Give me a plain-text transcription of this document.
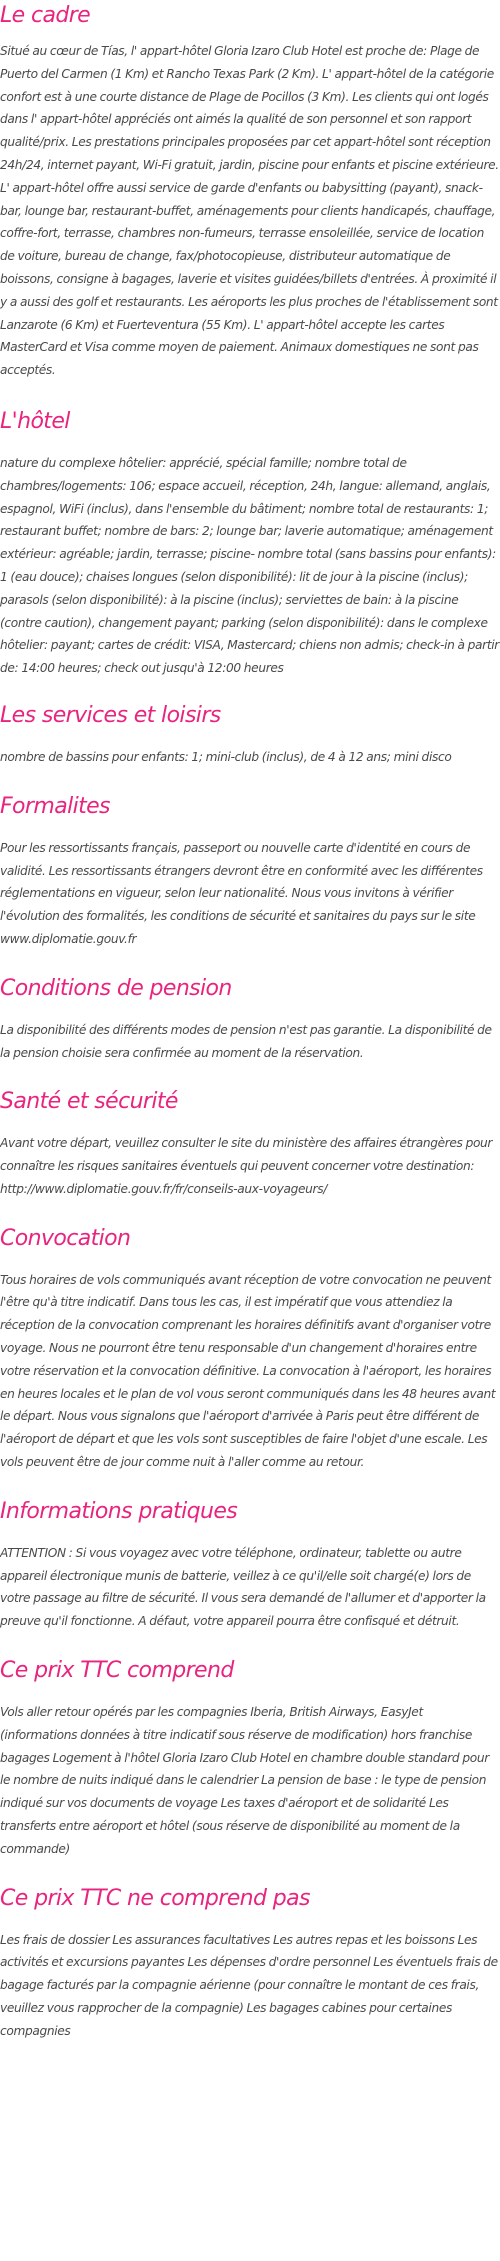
Le cadre

Situé au cœur de Tías, l' appart-hôtel Gloria Izaro Club Hotel est proche de: Plage de Puerto del Carmen (1 Km) et Rancho Texas Park (2 Km). L' appart-hôtel de la catégorie confort est à une courte distance de Plage de Pocillos (3 Km). Les clients qui ont logés dans l' appart-hôtel appréciés ont aimés la qualité de son personnel et son rapport qualité/prix. Les prestations principales proposées par cet appart-hôtel sont réception 24h/24, internet payant, Wi-Fi gratuit, jardin, piscine pour enfants et piscine extérieure. L' appart-hôtel offre aussi service de garde d'enfants ou babysitting (payant), snack-bar, lounge bar, restaurant-buffet, aménagements pour clients handicapés, chauffage, coffre-fort, terrasse, chambres non-fumeurs, terrasse ensoleillée, service de location de voiture, bureau de change, fax/photocopieuse, distributeur automatique de boissons, consigne à bagages, laverie et visites guidées/billets d'entrées. À proximité il y a aussi des golf et restaurants. Les aéroports les plus proches de l'établissement sont Lanzarote (6 Km) et Fuerteventura (55 Km). L' appart-hôtel accepte les cartes MasterCard et Visa comme moyen de paiement. Animaux domestiques ne sont pas acceptés.

L'hôtel

nature du complexe hôtelier: apprécié, spécial famille; nombre total de chambres/logements: 106; espace accueil, réception, 24h, langue: allemand, anglais, espagnol, WiFi (inclus), dans l'ensemble du bâtiment; nombre total de restaurants: 1; restaurant buffet; nombre de bars: 2; lounge bar; laverie automatique; aménagement extérieur: agréable; jardin, terrasse; piscine- nombre total (sans bassins pour enfants): 1 (eau douce); chaises longues (selon disponibilité): lit de jour à la piscine (inclus); parasols (selon disponibilité): à la piscine (inclus); serviettes de bain: à la piscine (contre caution), changement payant; parking (selon disponibilité): dans le complexe hôtelier: payant; cartes de crédit: VISA, Mastercard; chiens non admis; check-in à partir de: 14:00 heures; check out jusqu'à 12:00 heures

Les services et loisirs

nombre de bassins pour enfants: 1; mini-club (inclus), de 4 à 12 ans; mini disco

Formalites

Pour les ressortissants français, passeport ou nouvelle carte d'identité en cours de validité. Les ressortissants étrangers devront être en conformité avec les différentes réglementations en vigueur, selon leur nationalité. Nous vous invitons à vérifier l'évolution des formalités, les conditions de sécurité et sanitaires du pays sur le site www.diplomatie.gouv.fr

Conditions de pension

La disponibilité des différents modes de pension n'est pas garantie. La disponibilité de la pension choisie sera confirmée au moment de la réservation.

Santé et sécurité

Avant votre départ, veuillez consulter le site du ministère des affaires étrangères pour connaître les risques sanitaires éventuels qui peuvent concerner votre destination: http://www.diplomatie.gouv.fr/fr/conseils-aux-voyageurs/

Convocation

Tous horaires de vols communiqués avant réception de votre convocation ne peuvent l'être qu'à titre indicatif. Dans tous les cas, il est impératif que vous attendiez la réception de la convocation comprenant les horaires définitifs avant d'organiser votre voyage. Nous ne pourront être tenu responsable d'un changement d'horaires entre votre réservation et la convocation définitive. La convocation à l'aéroport, les horaires en heures locales et le plan de vol vous seront communiqués dans les 48 heures avant le départ. Nous vous signalons que l'aéroport d'arrivée à Paris peut être différent de l'aéroport de départ et que les vols sont susceptibles de faire l'objet d'une escale. Les vols peuvent être de jour comme nuit à l'aller comme au retour.

Informations pratiques

ATTENTION : Si vous voyagez avec votre téléphone, ordinateur, tablette ou autre appareil électronique munis de batterie, veillez à ce qu'il/elle soit chargé(e) lors de votre passage au filtre de sécurité. Il vous sera demandé de l'allumer et d'apporter la preuve qu'il fonctionne. A défaut, votre appareil pourra être confisqué et détruit.

Ce prix TTC comprend

Vols aller retour opérés par les compagnies Iberia, British Airways, EasyJet (informations données à titre indicatif sous réserve de modification) hors franchise bagages Logement à l'hôtel Gloria Izaro Club Hotel en chambre double standard pour le nombre de nuits indiqué dans le calendrier La pension de base : le type de pension indiqué sur vos documents de voyage Les taxes d'aéroport et de solidarité Les transferts entre aéroport et hôtel (sous réserve de disponibilité au moment de la commande)

Ce prix TTC ne comprend pas

Les frais de dossier Les assurances facultatives Les autres repas et les boissons Les activités et excursions payantes Les dépenses d'ordre personnel Les éventuels frais de bagage facturés par la compagnie aérienne (pour connaître le montant de ces frais, veuillez vous rapprocher de la compagnie) Les bagages cabines pour certaines compagnies
